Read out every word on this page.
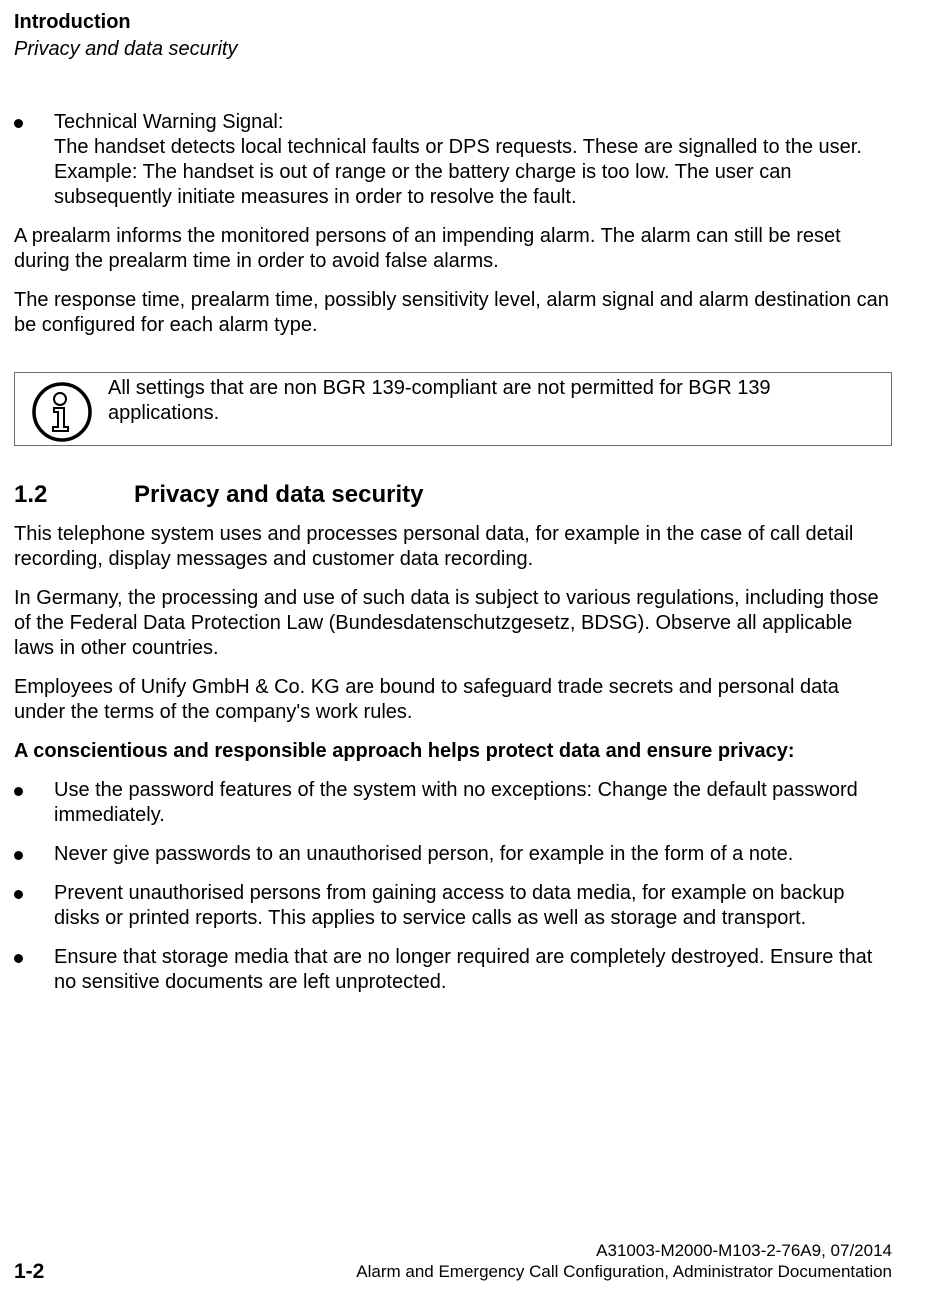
Introduction
Privacy and data security
Technical Warning Signal:
The handset detects local technical faults or DPS requests. These are signalled to the user.
Example: The handset is out of range or the battery charge is too low. The user can
subsequently initiate measures in order to resolve the fault.

A prealarm informs the monitored persons of an impending alarm. The alarm can still be reset during the prealarm time in order to avoid false alarms.

The response time, prealarm time, possibly sensitivity level, alarm signal and alarm destination can be configured for each alarm type.

All settings that are non BGR 139-compliant are not permitted for BGR 139 applications.
1.2	Privacy and data security

This telephone system uses and processes personal data, for example in the case of call detail recording, display messages and customer data recording.

In Germany, the processing and use of such data is subject to various regulations, including those of the Federal Data Protection Law (Bundesdatenschutzgesetz, BDSG). Observe all applicable laws in other countries.

Employees of Unify GmbH & Co. KG are bound to safeguard trade secrets and personal data under the terms of the company's work rules.

A conscientious and responsible approach helps protect data and ensure privacy:

Use the password features of the system with no exceptions: Change the default password immediately.
Never give passwords to an unauthorised person, for example in the form of a note.
Prevent unauthorised persons from gaining access to data media, for example on backup disks or printed reports. This applies to service calls as well as storage and transport.
Ensure that storage media that are no longer required are completely destroyed. Ensure that no sensitive documents are left unprotected.
1-2
A31003-M2000-M103-2-76A9, 07/2014
Alarm and Emergency Call Configuration, Administrator Documentation
